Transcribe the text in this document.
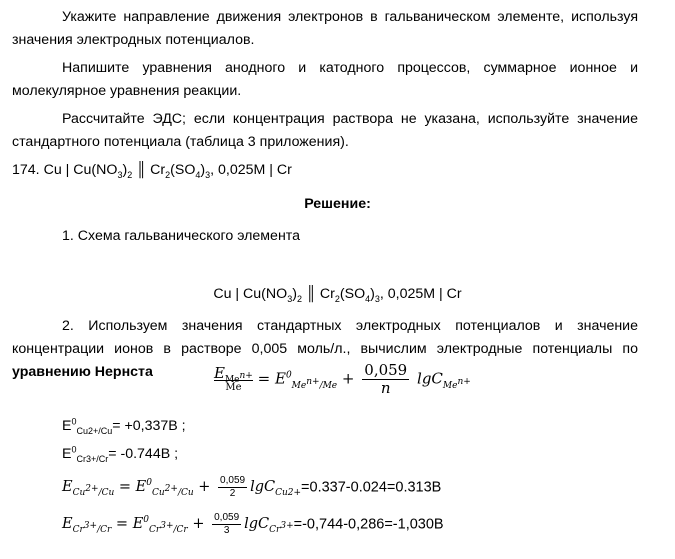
Укажите направление движения электронов в гальваническом элементе, используя значения электродных потенциалов.
Напишите уравнения анодного и катодного процессов, суммарное ионное и молекулярное уравнения реакции.
Рассчитайте ЭДС; если концентрация раствора не указана, используйте значение стандартного потенциала (таблица 3 приложения).
174. Cu | $Cu(NO_3)_2$ ║ $Cr_2(SO_4)_3$, 0,025M | Cr
Решение:
1. Схема гальванического элемента
Cu | $Cu(NO_3)_2$ ║ $Cr_2(SO_4)_3$, 0,025M | Cr
2. Используем значения стандартных электродных потенциалов и значение концентрации ионов в растворе 0,005 моль/л., вычислим электродные потенциалы по уравнению Нернста	$E_{Me^{n+}}$
Me	= $E^0_{Me^{n+}/Me} + \frac{0,059}{n} \lg C_{Me^{n+}}$
$E^0_{Cu2+/Cu}= +0,337В$ ;
$E^0_{Cr3+/Cr}= -0.744В$ ;
$E_{Cu^{2+}/Cu} = E^0_{Cu^{2+}/Cu} + \frac{0,059}{2} \lg C_{Cu2+}=0.337-0.024=0.313В$
$E_{Cr^{3+}/Cr} = E^0_{Cr^{3+}/Cr} + \frac{0,059}{3} \lg C_{Cr^{3+}}=-0,744-0,286=-1,030В$
